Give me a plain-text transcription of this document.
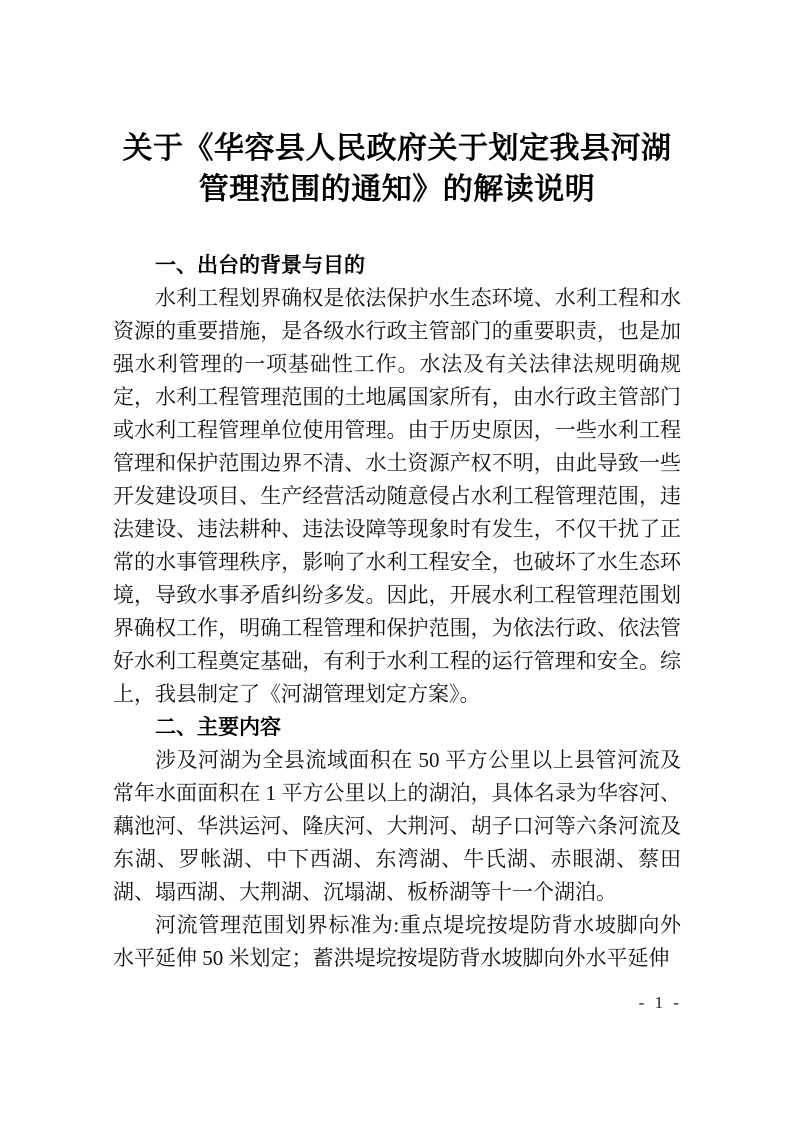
关于《华容县人民政府关于划定我县河湖
管理范围的通知》的解读说明
一、出台的背景与目的

水利工程划界确权是依法保护水生态环境、水利工程和水资源的重要措施，是各级水行政主管部门的重要职责，也是加强水利管理的一项基础性工作。水法及有关法律法规明确规定，水利工程管理范围的土地属国家所有，由水行政主管部门或水利工程管理单位使用管理。由于历史原因，一些水利工程管理和保护范围边界不清、水土资源产权不明，由此导致一些开发建设项目、生产经营活动随意侵占水利工程管理范围，违法建设、违法耕种、违法设障等现象时有发生，不仅干扰了正常的水事管理秩序，影响了水利工程安全，也破坏了水生态环境，导致水事矛盾纠纷多发。因此，开展水利工程管理范围划界确权工作，明确工程管理和保护范围，为依法行政、依法管好水利工程奠定基础，有利于水利工程的运行管理和安全。综上，我县制定了《河湖管理划定方案》。

二、主要内容

涉及河湖为全县流域面积在 50 平方公里以上县管河流及常年水面面积在 1 平方公里以上的湖泊，具体名录为华容河、藕池河、华洪运河、隆庆河、大荆河、胡子口河等六条河流及东湖、罗帐湖、中下西湖、东湾湖、牛氏湖、赤眼湖、蔡田湖、塌西湖、大荆湖、沉塌湖、板桥湖等十一个湖泊。

河流管理范围划界标准为:重点堤垸按堤防背水坡脚向外水平延伸 50 米划定；蓄洪堤垸按堤防背水坡脚向外水平延伸

- 1 -
